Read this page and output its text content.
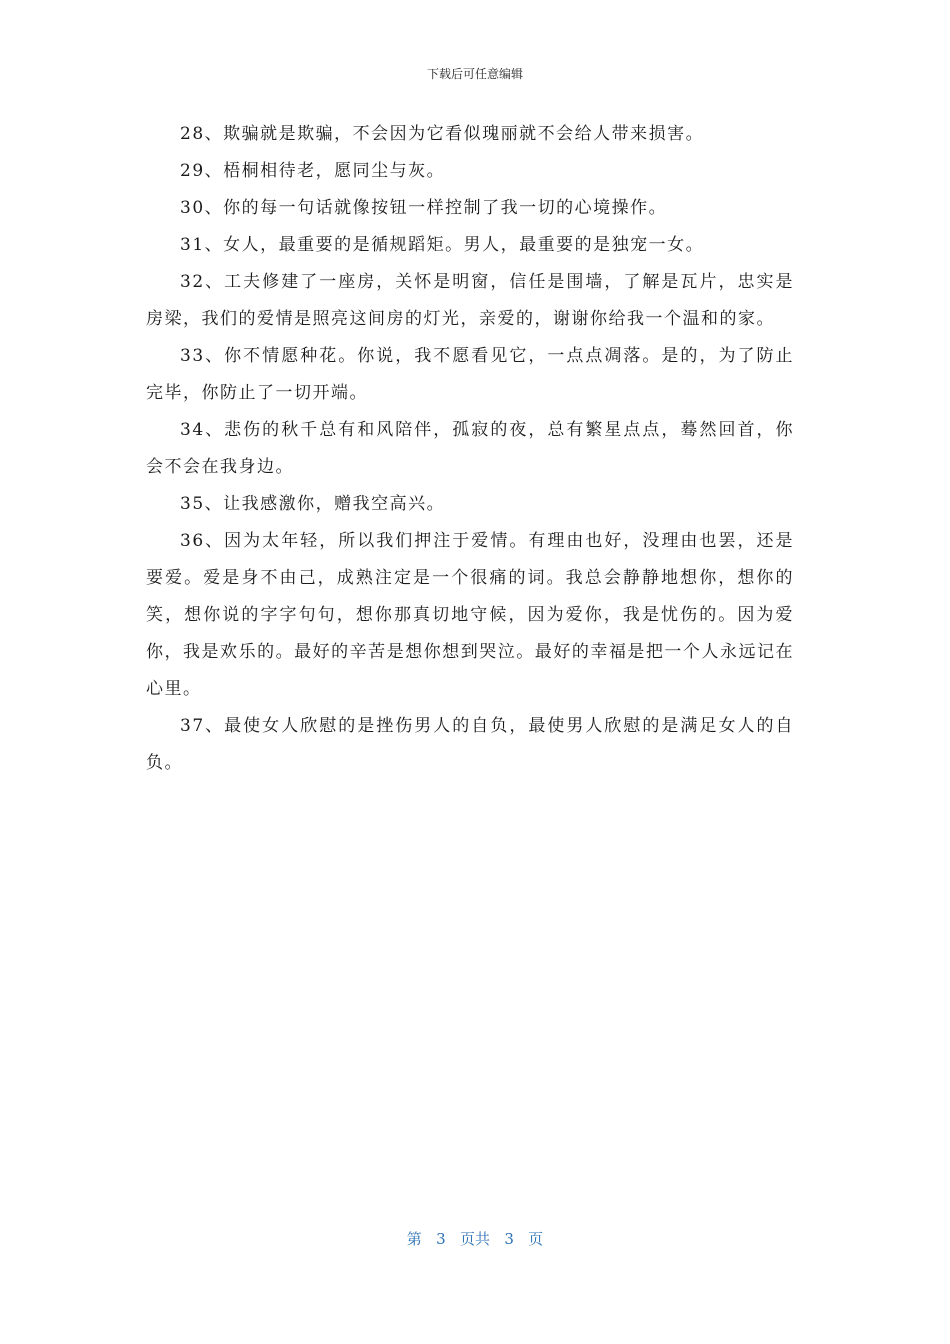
下载后可任意编辑

28、欺骗就是欺骗，不会因为它看似瑰丽就不会给人带来损害。

29、梧桐相待老，愿同尘与灰。

30、你的每一句话就像按钮一样控制了我一切的心境操作。

31、女人，最重要的是循规蹈矩。男人，最重要的是独宠一女。

32、工夫修建了一座房，关怀是明窗，信任是围墙，了解是瓦片，忠实是房梁，我们的爱情是照亮这间房的灯光，亲爱的，谢谢你给我一个温和的家。

33、你不情愿种花。你说，我不愿看见它，一点点凋落。是的，为了防止完毕，你防止了一切开端。

34、悲伤的秋千总有和风陪伴，孤寂的夜，总有繁星点点，蓦然回首，你会不会在我身边。

35、让我感激你，赠我空高兴。

36、因为太年轻，所以我们押注于爱情。有理由也好，没理由也罢，还是要爱。爱是身不由己，成熟注定是一个很痛的词。我总会静静地想你，想你的笑，想你说的字字句句，想你那真切地守候，因为爱你，我是忧伤的。因为爱你，我是欢乐的。最好的辛苦是想你想到哭泣。最好的幸福是把一个人永远记在心里。

37、最使女人欣慰的是挫伤男人的自负，最使男人欣慰的是满足女人的自负。

第 3 页共 3 页
